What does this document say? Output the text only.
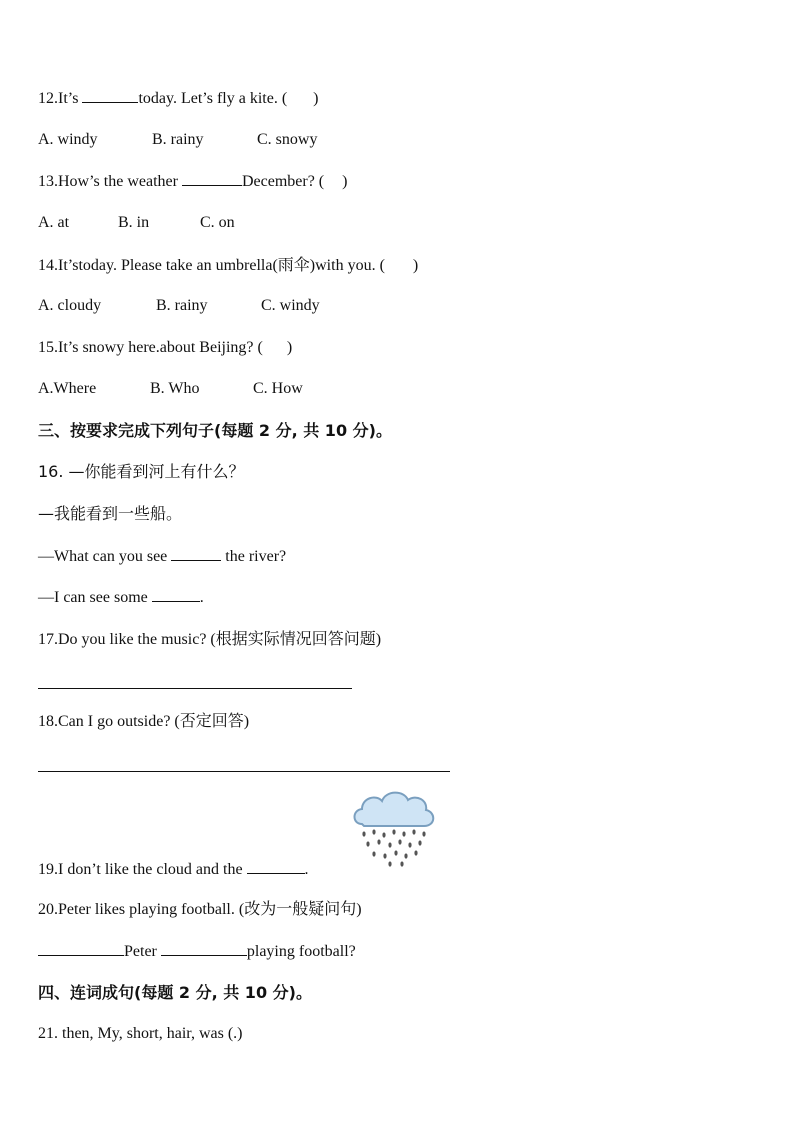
12.It’s	today. Let’s fly a kite. ( )
A. windy	B. rainy	C. snowy
13.How’s the weather	December? ( )
A. at	B. in	C. on
14.It’stoday. Please take an umbrella(雨伞)with you. ( )
A. cloudy	B. rainy	C. windy
15.It’s snowy here.about Beijing? ( )
A.Where	B. Who	C. How
三、按要求完成下列句子(每题 2 分, 共 10 分)。
16. —你能看到河上有什么？
—我能看到一些船。
—What can you see	the river?
—I can see some	.
17.Do you like the music? (根据实际情况回答问题)
18.Can I go outside? (否定回答)
19.I don’t like the cloud and the	.
20.Peter likes playing football. (改为一般疑问句)
Peter	playing football?
四、连词成句(每题 2 分, 共 10 分)。
21. then, My, short, hair, was (.)
